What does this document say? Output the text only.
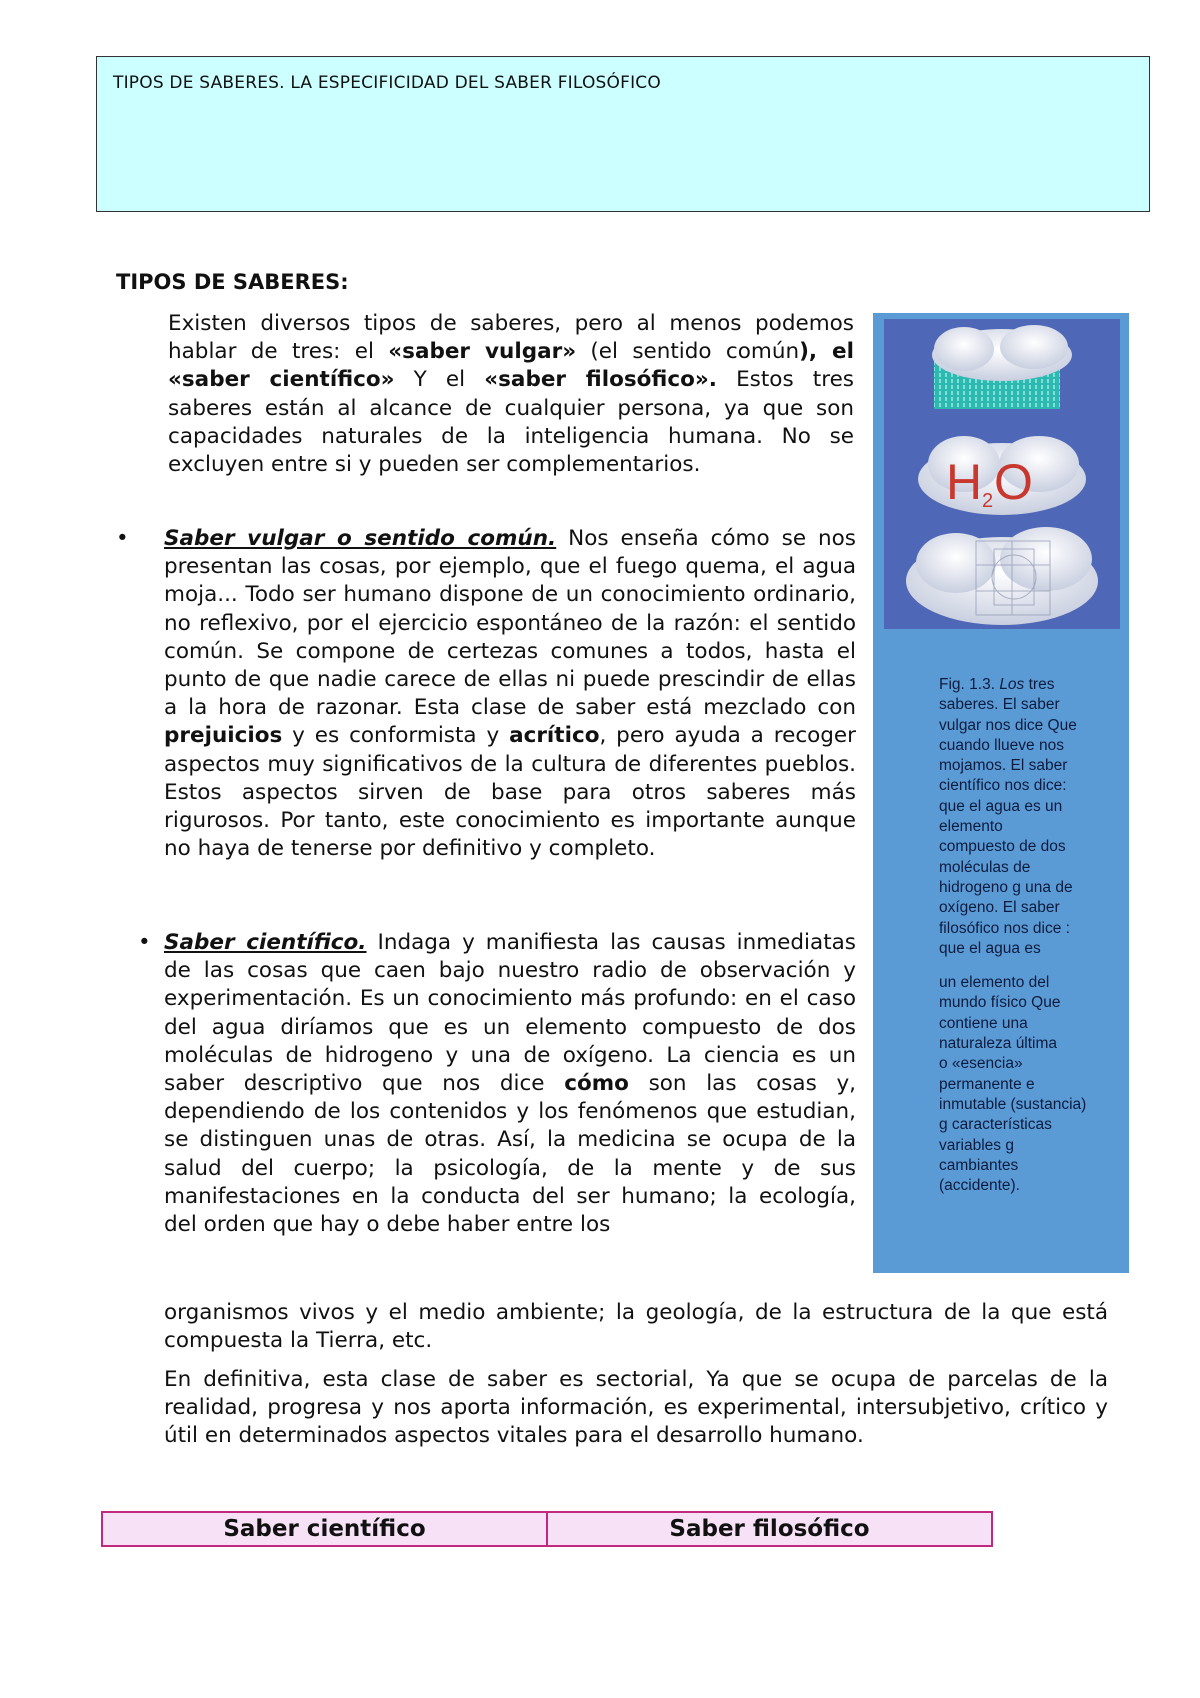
TIPOS DE SABERES. LA ESPECIFICIDAD DEL SABER FILOSÓFICO
TIPOS DE SABERES:

Existen diversos tipos de saberes, pero al menos podemos hablar de tres: el «saber vulgar» (el sentido común), el «saber científico» Y el «saber filosófico». Estos tres saberes están al alcance de cualquier persona, ya que son capacidades naturales de la inteligencia humana. No se excluyen entre si y pueden ser complementarios.

• Saber vulgar o sentido común. Nos enseña cómo se nos presentan las cosas, por ejemplo, que el fuego quema, el agua moja... Todo ser humano dispone de un conocimiento ordinario, no reflexivo, por el ejercicio espontáneo de la razón: el sentido común. Se compone de certezas comunes a todos, hasta el punto de que nadie carece de ellas ni puede prescindir de ellas a la hora de razonar. Esta clase de saber está mezclado con prejuicios y es conformista y acrítico, pero ayuda a recoger aspectos muy significativos de la cultura de diferentes pueblos. Estos aspectos sirven de base para otros saberes más rigurosos. Por tanto, este conocimiento es importante aunque no haya de tenerse por definitivo y completo.

• Saber científico. Indaga y manifiesta las causas inmediatas de las cosas que caen bajo nuestro radio de observación y experimentación. Es un conocimiento más profundo: en el caso del agua diríamos que es un elemento compuesto de dos moléculas de hidrogeno y una de oxígeno. La ciencia es un saber descriptivo que nos dice cómo son las cosas y, dependiendo de los contenidos y los fenómenos que estudian, se distinguen unas de otras. Así, la medicina se ocupa de la salud del cuerpo; la psicología, de la mente y de sus manifestaciones en la conducta del ser humano; la ecología, del orden que hay o debe haber entre los

organismos vivos y el medio ambiente; la geología, de la estructura de la que está compuesta la Tierra, etc.

En definitiva, esta clase de saber es sectorial, Ya que se ocupa de parcelas de la realidad, progresa y nos aporta información, es experimental, intersubjetivo, crítico y útil en determinados aspectos vitales para el desarrollo humano.

H 2 O
Fig. 1.3. Los tres
saberes. El saber
vulgar nos dice Que
cuando llueve nos
mojamos. El saber
científico nos dice:
que el agua es un
elemento
compuesto de dos
moléculas de
hidrogeno g una de
oxígeno. El saber
filosófico nos dice :
que el agua es
un elemento del
mundo físico Que
contiene una
naturaleza última
o «esencia»
permanente e
inmutable (sustancia)
g características
variables g
cambiantes
(accidente).
Saber científico	Saber filosófico
